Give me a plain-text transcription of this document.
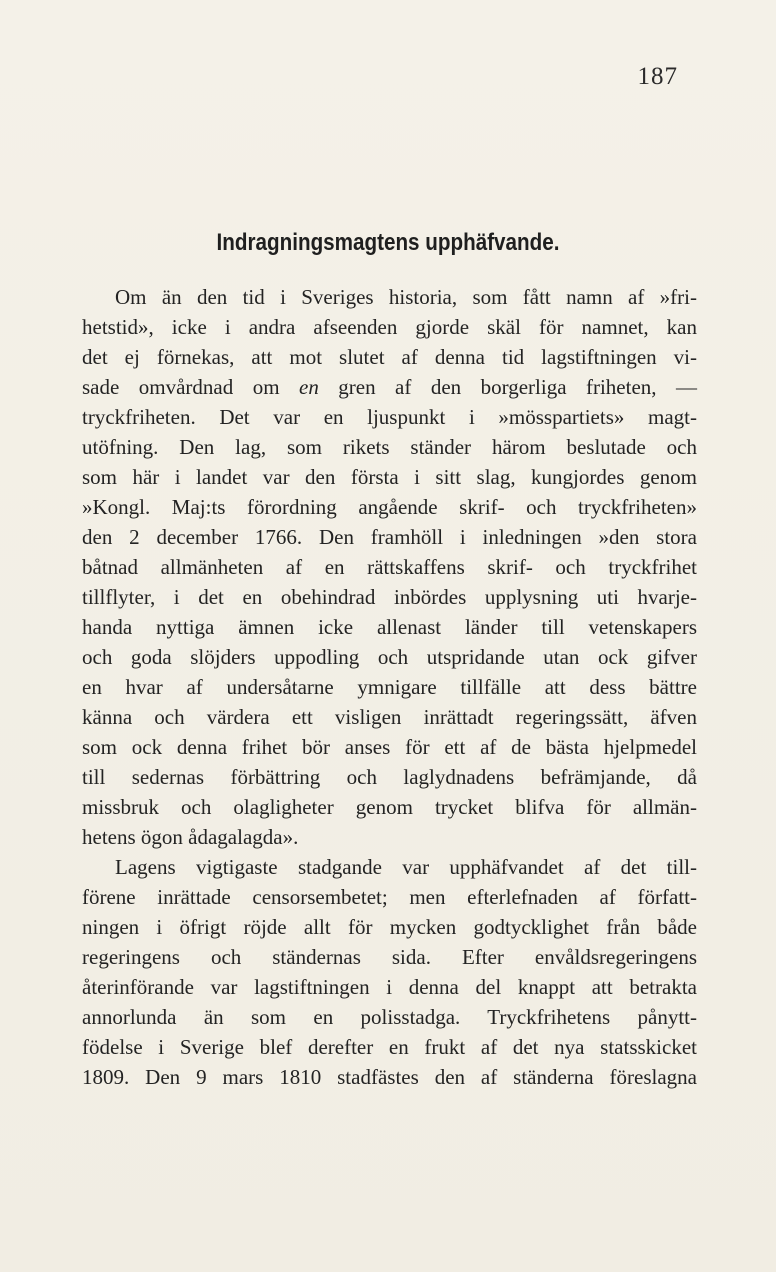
187
Indragningsmagtens upphäfvande.
Om än den tid i Sveriges historia, som fått namn af »fri-
hetstid», icke i andra afseenden gjorde skäl för namnet, kan
det ej förnekas, att mot slutet af denna tid lagstiftningen vi-
sade omvårdnad om en gren af den borgerliga friheten, —
tryckfriheten. Det var en ljuspunkt i »mösspartiets» magt-
utöfning. Den lag, som rikets ständer härom beslutade och
som här i landet var den första i sitt slag, kungjordes genom
»Kongl. Maj:ts förordning angående skrif- och tryckfriheten»
den 2 december 1766. Den framhöll i inledningen »den stora
båtnad allmänheten af en rättskaffens skrif- och tryckfrihet
tillflyter, i det en obehindrad inbördes upplysning uti hvarje-
handa nyttiga ämnen icke allenast länder till vetenskapers
och goda slöjders uppodling och utspridande utan ock gifver
en hvar af undersåtarne ymnigare tillfälle att dess bättre
känna och värdera ett visligen inrättadt regeringssätt, äfven
som ock denna frihet bör anses för ett af de bästa hjelpmedel
till sedernas förbättring och laglydnadens befrämjande, då
missbruk och olagligheter genom trycket blifva för allmän-
hetens ögon ådagalagda».
Lagens vigtigaste stadgande var upphäfvandet af det till-
förene inrättade censorsembetet; men efterlefnaden af författ-
ningen i öfrigt röjde allt för mycken godtycklighet från både
regeringens och ständernas sida. Efter envåldsregeringens
återinförande var lagstiftningen i denna del knappt att betrakta
annorlunda än som en polisstadga. Tryckfrihetens pånytt-
födelse i Sverige blef derefter en frukt af det nya statsskicket
1809. Den 9 mars 1810 stadfästes den af ständerna föreslagna
